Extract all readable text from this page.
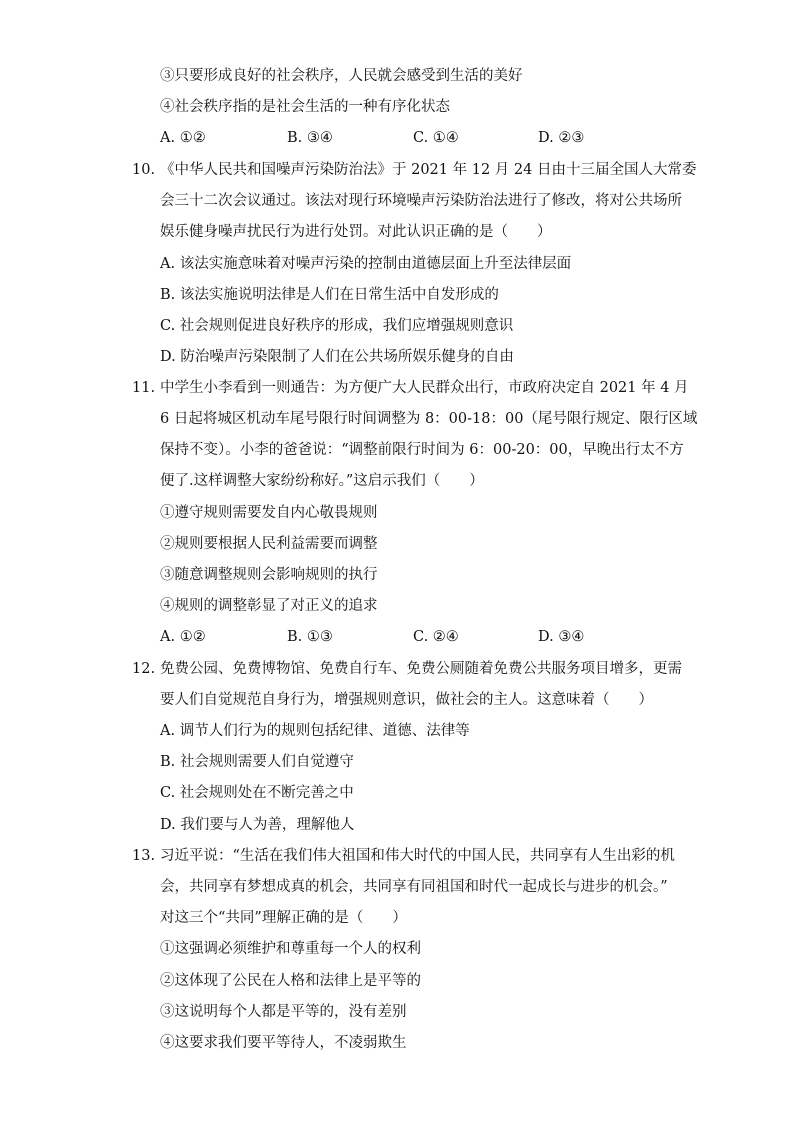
③只要形成良好的社会秩序，人民就会感受到生活的美好
④社会秩序指的是社会生活的一种有序化状态
A. ①②	B. ③④	C. ①④	D. ②③
10. 《中华人民共和国噪声污染防治法》于 2021 年 12 月 24 日由十三届全国人大常委
会三十二次会议通过。该法对现行环境噪声污染防治法进行了修改，将对公共场所
娱乐健身噪声扰民行为进行处罚。对此认识正确的是（　　）
A. 该法实施意味着对噪声污染的控制由道德层面上升至法律层面
B. 该法实施说明法律是人们在日常生活中自发形成的
C. 社会规则促进良好秩序的形成，我们应增强规则意识
D. 防治噪声污染限制了人们在公共场所娱乐健身的自由
11. 中学生小李看到一则通告：为方便广大人民群众出行，市政府决定自 2021 年 4 月
6 日起将城区机动车尾号限行时间调整为 8：00-18：00（尾号限行规定、限行区域
保持不变）。小李的爸爸说：“调整前限行时间为 6：00-20：00，早晚出行太不方
便了.这样调整大家纷纷称好。”这启示我们（　　）
①遵守规则需要发自内心敬畏规则
②规则要根据人民利益需要而调整
③随意调整规则会影响规则的执行
④规则的调整彰显了对正义的追求
A. ①②	B. ①③	C. ②④	D. ③④
12. 免费公园、免费博物馆、免费自行车、免费公厕随着免费公共服务项目增多，更需
要人们自觉规范自身行为，增强规则意识，做社会的主人。这意味着（　　）
A. 调节人们行为的规则包括纪律、道德、法律等
B. 社会规则需要人们自觉遵守
C. 社会规则处在不断完善之中
D. 我们要与人为善，理解他人
13. 习近平说：“生活在我们伟大祖国和伟大时代的中国人民，共同享有人生出彩的机
会，共同享有梦想成真的机会，共同享有同祖国和时代一起成长与进步的机会。”
对这三个“共同”理解正确的是（　　）
①这强调必须维护和尊重每一个人的权利
②这体现了公民在人格和法律上是平等的
③这说明每个人都是平等的，没有差别
④这要求我们要平等待人，不凌弱欺生
